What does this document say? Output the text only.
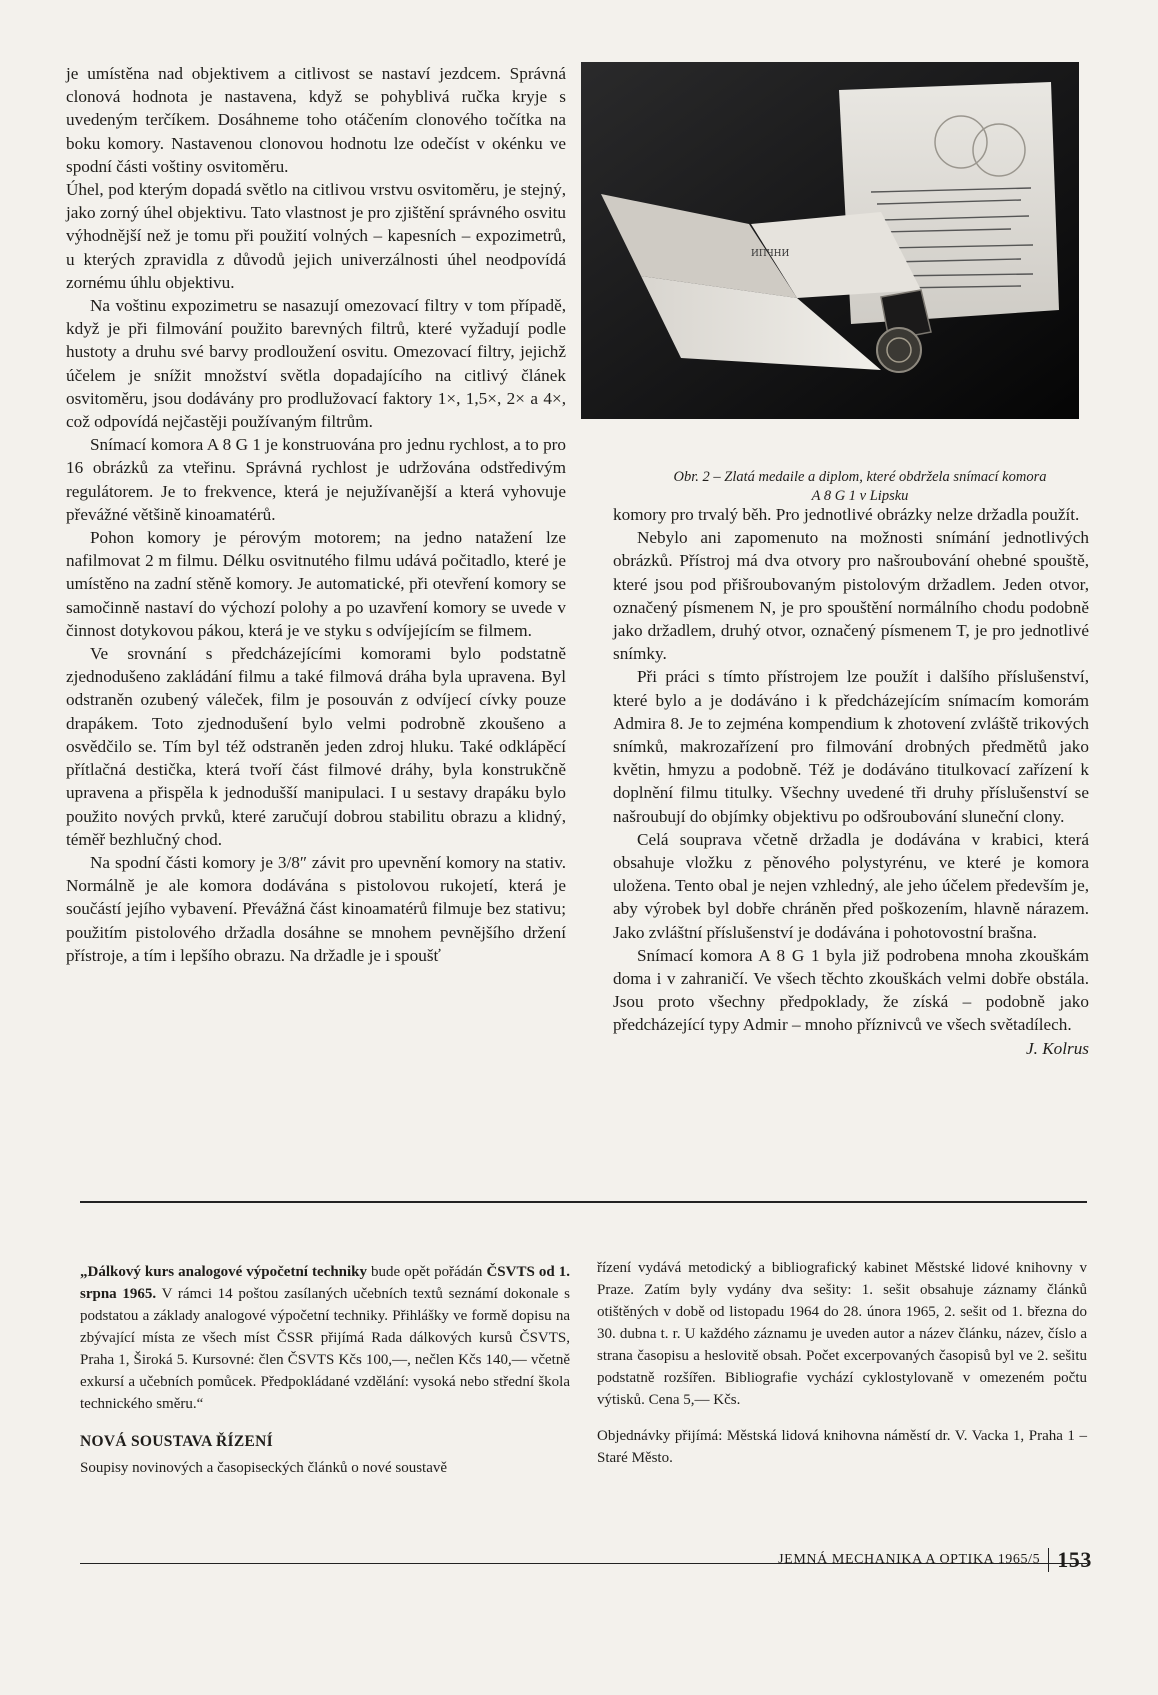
je umístěna nad objektivem a citlivost se nastaví jezdcem. Správná clonová hodnota je nastavena, když se pohyblivá ručka kryje s uvedeným terčíkem. Dosáhneme toho otáčením clonového točítka na boku komory. Nastavenou clonovou hodnotu lze odečíst v okénku ve spodní části voštiny osvitoměru.

Úhel, pod kterým dopadá světlo na citlivou vrstvu osvitoměru, je stejný, jako zorný úhel objektivu. Tato vlastnost je pro zjištění správného osvitu výhodnější než je tomu při použití volných – kapesních – expozimetrů, u kterých zpravidla z důvodů jejich univerzálnosti úhel neodpovídá zornému úhlu objektivu.

Na voštinu expozimetru se nasazují omezovací filtry v tom případě, když je při filmování použito barevných filtrů, které vyžadují podle hustoty a druhu své barvy prodloužení osvitu. Omezovací filtry, jejichž účelem je snížit množství světla dopadajícího na citlivý článek osvitoměru, jsou dodávány pro prodlužovací faktory 1×, 1,5×, 2× a 4×, což odpovídá nejčastěji používaným filtrům.

Snímací komora A 8 G 1 je konstruována pro jednu rychlost, a to pro 16 obrázků za vteřinu. Správná rychlost je udržována odstředivým regulátorem. Je to frekvence, která je nejužívanější a která vyhovuje převážné většině kinoamatérů.

Pohon komory je pérovým motorem; na jedno natažení lze nafilmovat 2 m filmu. Délku osvitnutého filmu udává počitadlo, které je umístěno na zadní stěně komory. Je automatické, při otevření komory se samočinně nastaví do výchozí polohy a po uzavření komory se uvede v činnost dotykovou pákou, která je ve styku s odvíjejícím se filmem.

Ve srovnání s předcházejícími komorami bylo podstatně zjednodušeno zakládání filmu a také filmová dráha byla upravena. Byl odstraněn ozubený váleček, film je posouván z odvíjecí cívky pouze drapákem. Toto zjednodušení bylo velmi podrobně zkoušeno a osvědčilo se. Tím byl též odstraněn jeden zdroj hluku. Také odklápěcí přítlačná destička, která tvoří část filmové dráhy, byla konstrukčně upravena a přispěla k jednodušší manipulaci. I u sestavy drapáku bylo použito nových prvků, které zaručují dobrou stabilitu obrazu a klidný, téměř bezhlučný chod.

Na spodní části komory je 3/8″ závit pro upevnění komory na stativ. Normálně je ale komora dodávána s pistolovou rukojetí, která je součástí jejího vybavení. Převážná část kinoamatérů filmuje bez stativu; použitím pistolového držadla dosáhne se mnohem pevnějšího držení přístroje, a tím i lepšího obrazu. Na držadle je i spoušť

ИПЧНИ
Obr. 2 – Zlatá medaile a diplom, které obdržela snímací komora
A 8 G 1 v Lipsku

komory pro trvalý běh. Pro jednotlivé obrázky nelze držadla použít.

Nebylo ani zapomenuto na možnosti snímání jednotlivých obrázků. Přístroj má dva otvory pro našroubování ohebné spouště, které jsou pod přišroubovaným pistolovým držadlem. Jeden otvor, označený písmenem N, je pro spouštění normálního chodu podobně jako držadlem, druhý otvor, označený písmenem T, je pro jednotlivé snímky.

Při práci s tímto přístrojem lze použít i dalšího příslušenství, které bylo a je dodáváno i k předcházejícím snímacím komorám Admira 8. Je to zejména kompendium k zhotovení zvláště trikových snímků, makrozařízení pro filmování drobných předmětů jako květin, hmyzu a podobně. Též je dodáváno titulkovací zařízení k doplnění filmu titulky. Všechny uvedené tři druhy příslušenství se našroubují do objímky objektivu po odšroubování sluneční clony.

Celá souprava včetně držadla je dodávána v krabici, která obsahuje vložku z pěnového polystyrénu, ve které je komora uložena. Tento obal je nejen vzhledný, ale jeho účelem především je, aby výrobek byl dobře chráněn před poškozením, hlavně nárazem. Jako zvláštní příslušenství je dodávána i pohotovostní brašna.

Snímací komora A 8 G 1 byla již podrobena mnoha zkouškám doma i v zahraničí. Ve všech těchto zkouškách velmi dobře obstála. Jsou proto všechny předpoklady, že získá – podobně jako předcházející typy Admir – mnoho příznivců ve všech světadílech.
J. Kolrus

„Dálkový kurs analogové výpočetní techniky bude opět pořádán ČSVTS od 1. srpna 1965. V rámci 14 poštou zasílaných učebních textů seznámí dokonale s podstatou a základy analogové výpočetní techniky. Přihlášky ve formě dopisu na zbývající místa ze všech míst ČSSR přijímá Rada dálkových kursů ČSVTS, Praha 1, Široká 5. Kursovné: člen ČSVTS Kčs 100,—, nečlen Kčs 140,— včetně exkursí a učebních pomůcek. Předpokládané vzdělání: vysoká nebo střední škola technického směru.“

NOVÁ SOUSTAVA ŘÍZENÍ

Soupisy novinových a časopiseckých článků o nové soustavě

řízení vydává metodický a bibliografický kabinet Městské lidové knihovny v Praze. Zatím byly vydány dva sešity: 1. sešit obsahuje záznamy článků otištěných v době od listopadu 1964 do 28. února 1965, 2. sešit od 1. března do 30. dubna t. r. U každého záznamu je uveden autor a název článku, název, číslo a strana časopisu a heslovitě obsah. Počet excerpovaných časopisů byl ve 2. sešitu podstatně rozšířen. Bibliografie vychází cyklostylovaně v omezeném počtu výtisků. Cena 5,— Kčs.

Objednávky přijímá: Městská lidová knihovna náměstí dr. V. Vacka 1, Praha 1 – Staré Město.

JEMNÁ MECHANIKA A OPTIKA 1965/5 153
